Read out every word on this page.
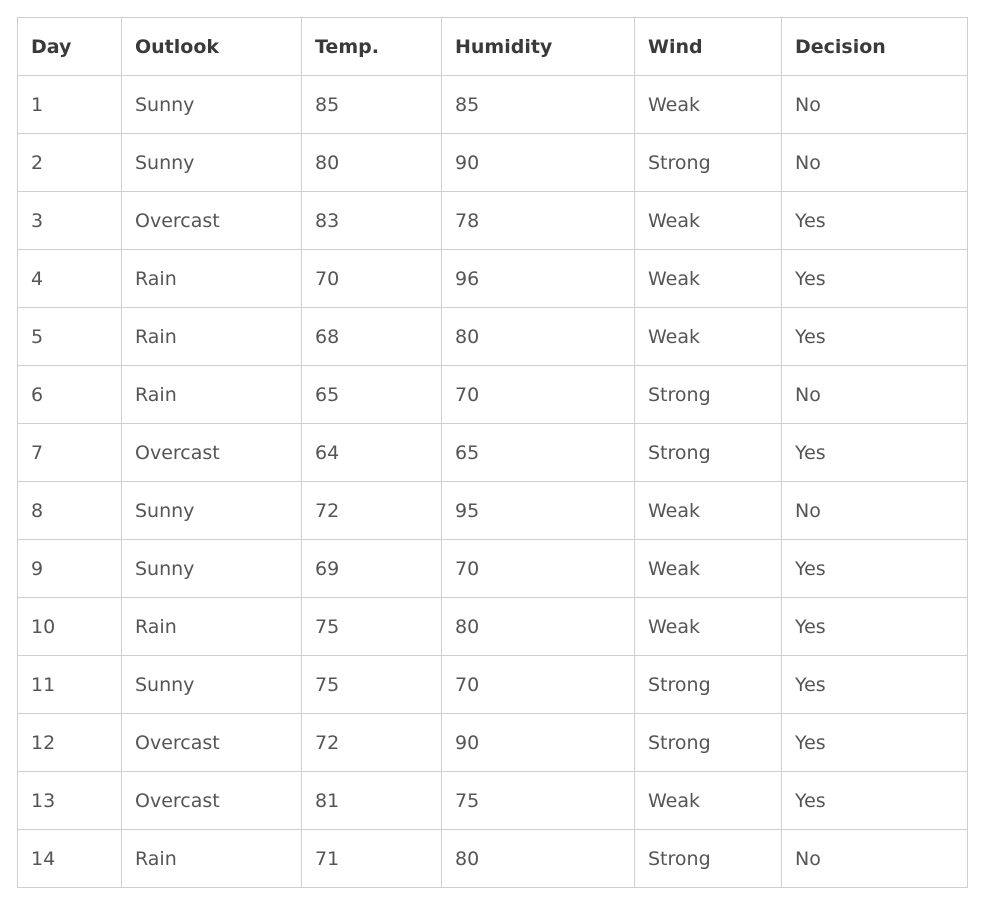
Day	Outlook	Temp.	Humidity	Wind	Decision
1	Sunny	85	85	Weak	No
2	Sunny	80	90	Strong	No
3	Overcast	83	78	Weak	Yes
4	Rain	70	96	Weak	Yes
5	Rain	68	80	Weak	Yes
6	Rain	65	70	Strong	No
7	Overcast	64	65	Strong	Yes
8	Sunny	72	95	Weak	No
9	Sunny	69	70	Weak	Yes
10	Rain	75	80	Weak	Yes
11	Sunny	75	70	Strong	Yes
12	Overcast	72	90	Strong	Yes
13	Overcast	81	75	Weak	Yes
14	Rain	71	80	Strong	No
